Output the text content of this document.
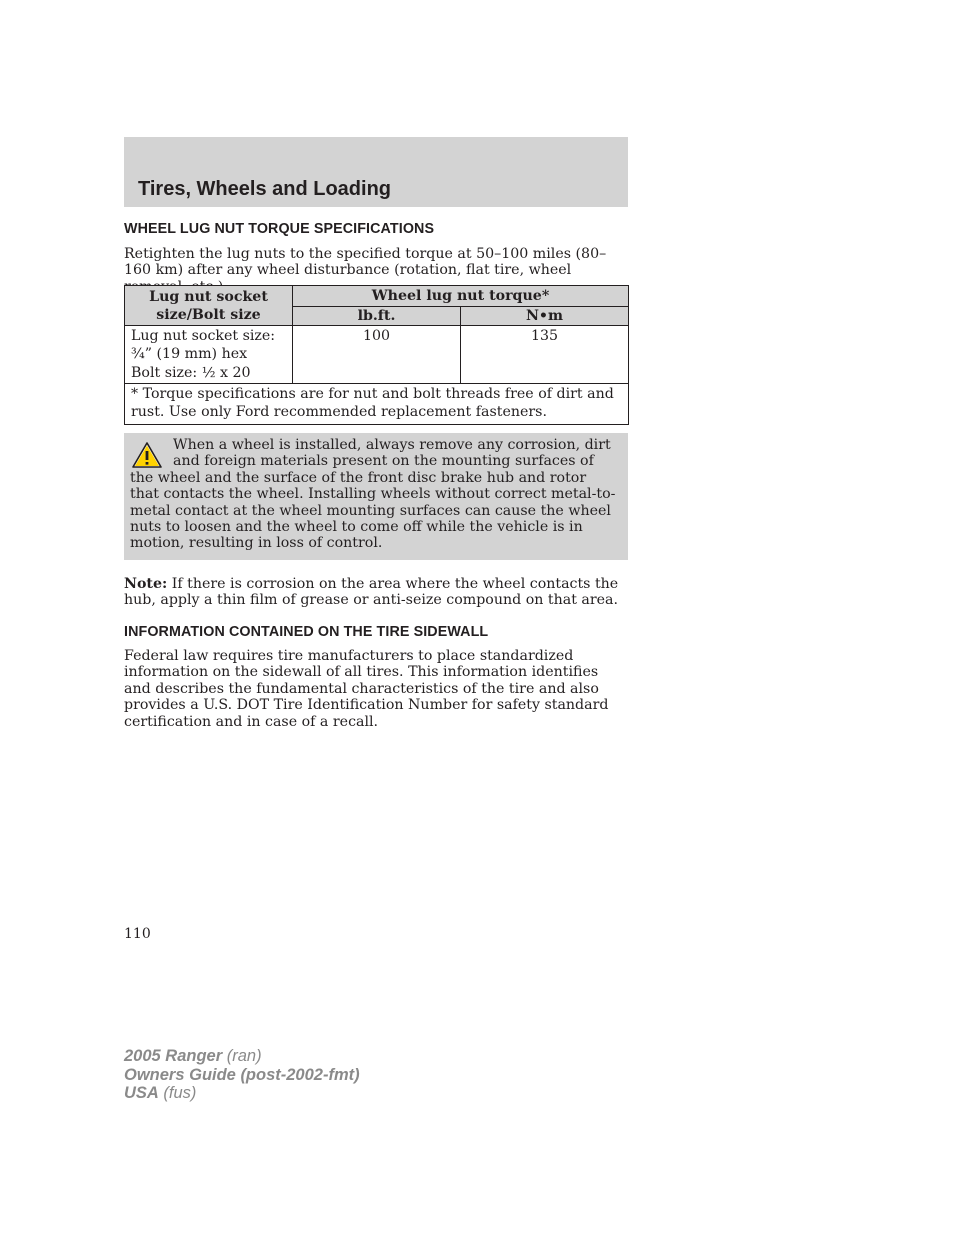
Tires, Wheels and Loading
WHEEL LUG NUT TORQUE SPECIFICATIONS

Retighten the lug nuts to the specified torque at 50–100 miles (80–160 km) after any wheel disturbance (rotation, flat tire, wheel

Lug nut socket size/Bolt size	Wheel lug nut torque*	
	lb.ft.	N•m

Lug nut socket size:
¾” (19 mm) hex
Bolt size: ½ x 20	100	135
* Torque specifications are for nut and bolt threads free of dirt and rust. Use only Ford recommended replacement fasteners.		

When a wheel is installed, always remove any corrosion, dirt and foreign materials present on the mounting surfaces of the wheel and the surface of the front disc brake hub and rotor that contacts the wheel. Installing wheels without correct metal-to-metal contact at the wheel mounting surfaces can cause the wheel nuts to loosen and the wheel to come off while the vehicle is in motion, resulting in loss of control.

Note: If there is corrosion on the area where the wheel contacts the hub, apply a thin film of grease or anti-seize compound on that area.

INFORMATION CONTAINED ON THE TIRE SIDEWALL

Federal law requires tire manufacturers to place standardized information on the sidewall of all tires. This information identifies and describes the fundamental characteristics of the tire and also provides a U.S. DOT Tire Identification Number for safety standard certification and in case of a recall.

110

2005 Ranger (ran)
Owners Guide (post-2002-fmt)
USA (fus)
